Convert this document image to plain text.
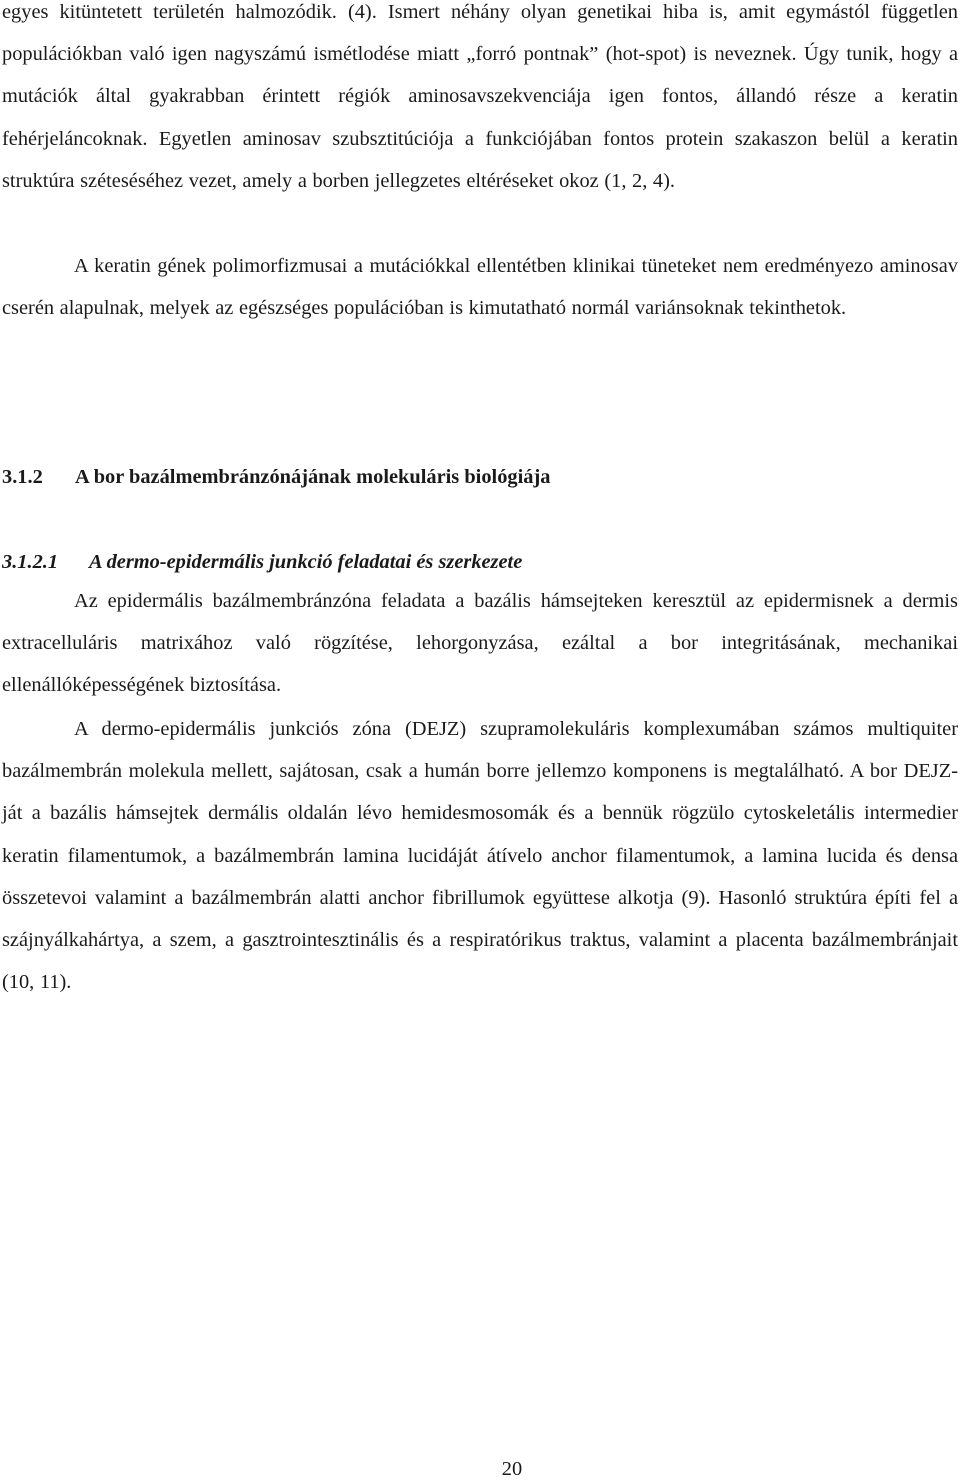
egyes kitüntetett területén halmozódik. (4). Ismert néhány olyan genetikai hiba is, amit egymástól független populációkban való igen nagyszámú ismétlodése miatt „forró pontnak” (hot-spot) is neveznek. Úgy tunik, hogy a mutációk által gyakrabban érintett régiók aminosavszekvenciája igen fontos, állandó része a keratin fehérjeláncoknak. Egyetlen aminosav szubsztitúciója a funkciójában fontos protein szakaszon belül a keratin struktúra széteséséhez vezet, amely a borben jellegzetes eltéréseket okoz (1, 2, 4).

A keratin gének polimorfizmusai a mutációkkal ellentétben klinikai tüneteket nem eredményezo aminosav cserén alapulnak, melyek az egészséges populációban is kimutatható normál variánsoknak tekinthetok.

3.1.2 A bor bazálmembránzónájának molekuláris biológiája
3.1.2.1 A dermo-epidermális junkció feladatai és szerkezete

Az epidermális bazálmembránzóna feladata a bazális hámsejteken keresztül az epidermisnek a dermis extracelluláris matrixához való rögzítése, lehorgonyzása, ezáltal a bor integritásának, mechanikai ellenállóképességének biztosítása.

A dermo-epidermális junkciós zóna (DEJZ) szupramolekuláris komplexumában számos multiquiter bazálmembrán molekula mellett, sajátosan, csak a humán borre jellemzo komponens is megtalálható. A bor DEJZ-ját a bazális hámsejtek dermális oldalán lévo hemidesmosomák és a bennük rögzülo cytoskeletális intermedier keratin filamentumok, a bazálmembrán lamina lucidáját átívelo anchor filamentumok, a lamina lucida és densa összetevoi valamint a bazálmembrán alatti anchor fibrillumok együttese alkotja (9). Hasonló struktúra építi fel a szájnyálkahártya, a szem, a gasztrointesztinális és a respiratórikus traktus, valamint a placenta bazálmembránjait (10, 11).

20
